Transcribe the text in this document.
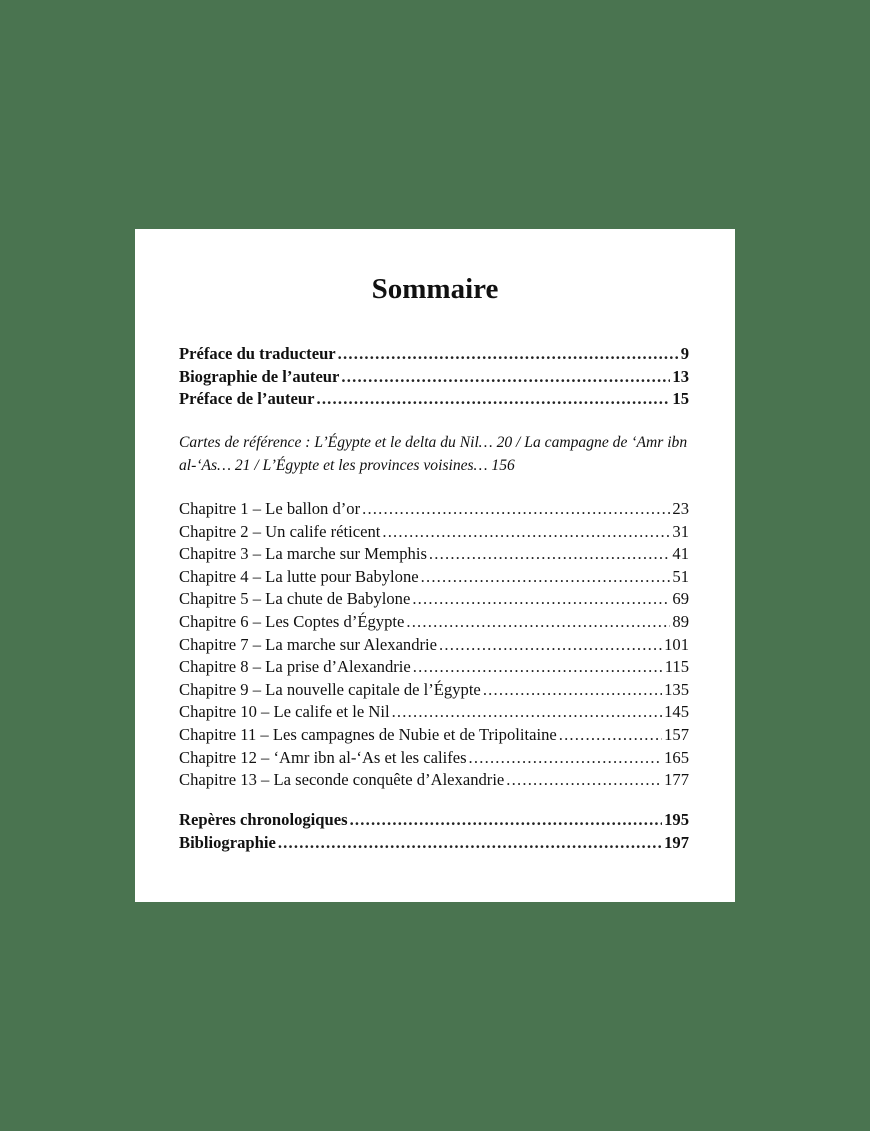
Sommaire
Préface du traducteur .....	9
Biographie de l’auteur .....	13
Préface de l’auteur .....	15
Cartes de référence : L’Égypte et le delta du Nil… 20 / La campagne de ‘Amr ibn al-‘As… 21 / L’Égypte et les provinces voisines… 156
Chapitre 1 – Le ballon d’or .....	23
Chapitre 2 – Un calife réticent .....	31
Chapitre 3 – La marche sur Memphis .....	41
Chapitre 4 – La lutte pour Babylone .....	51
Chapitre 5 – La chute de Babylone .....	69
Chapitre 6 – Les Coptes d’Égypte .....	89
Chapitre 7 – La marche sur Alexandrie .....	101
Chapitre 8 – La prise d’Alexandrie .....	115
Chapitre 9 – La nouvelle capitale de l’Égypte .....	135
Chapitre 10 – Le calife et le Nil .....	145
Chapitre 11 – Les campagnes de Nubie et de Tripolitaine .....	157
Chapitre 12 – ‘Amr ibn al-‘As et les califes .....	165
Chapitre 13 – La seconde conquête d’Alexandrie .....	177
Repères chronologiques .....	195
Bibliographie .....	197
